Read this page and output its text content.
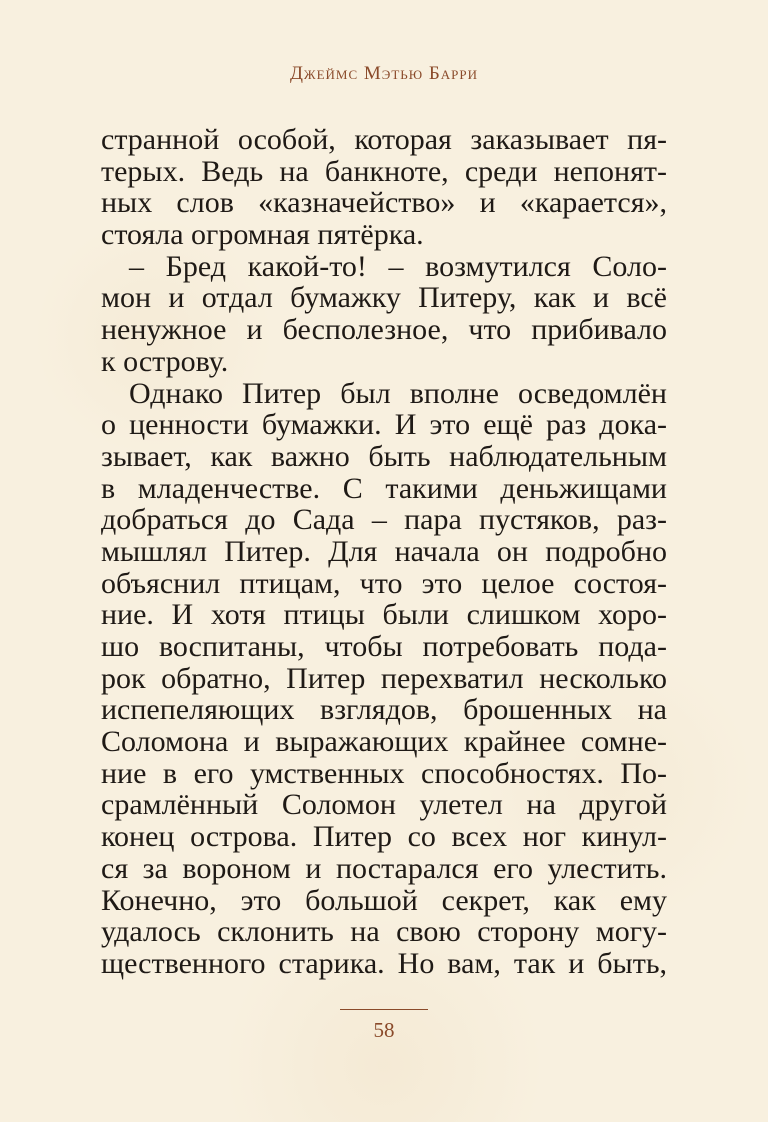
Джеймс Мэтью Барри
странной особой, которая заказывает пя-
терых. Ведь на банкноте, среди непонят-
ных слов «казначейство» и «карается»,
стояла огромная пятёрка.
– Бред какой-то! – возмутился Соло-
мон и отдал бумажку Питеру, как и всё
ненужное и бесполезное, что прибивало
к острову.
Однако Питер был вполне осведомлён
о ценности бумажки. И это ещё раз дока-
зывает, как важно быть наблюдательным
в младенчестве. С такими деньжищами
добраться до Сада – пара пустяков, раз-
мышлял Питер. Для начала он подробно
объяснил птицам, что это целое состоя-
ние. И хотя птицы были слишком хоро-
шо воспитаны, чтобы потребовать пода-
рок обратно, Питер перехватил несколько
испепеляющих взглядов, брошенных на
Соломона и выражающих крайнее сомне-
ние в его умственных способностях. По-
срамлённый Соломон улетел на другой
конец острова. Питер со всех ног кинул-
ся за вороном и постарался его улестить.
Конечно, это большой секрет, как ему
удалось склонить на свою сторону могу-
щественного старика. Но вам, так и быть,
58
